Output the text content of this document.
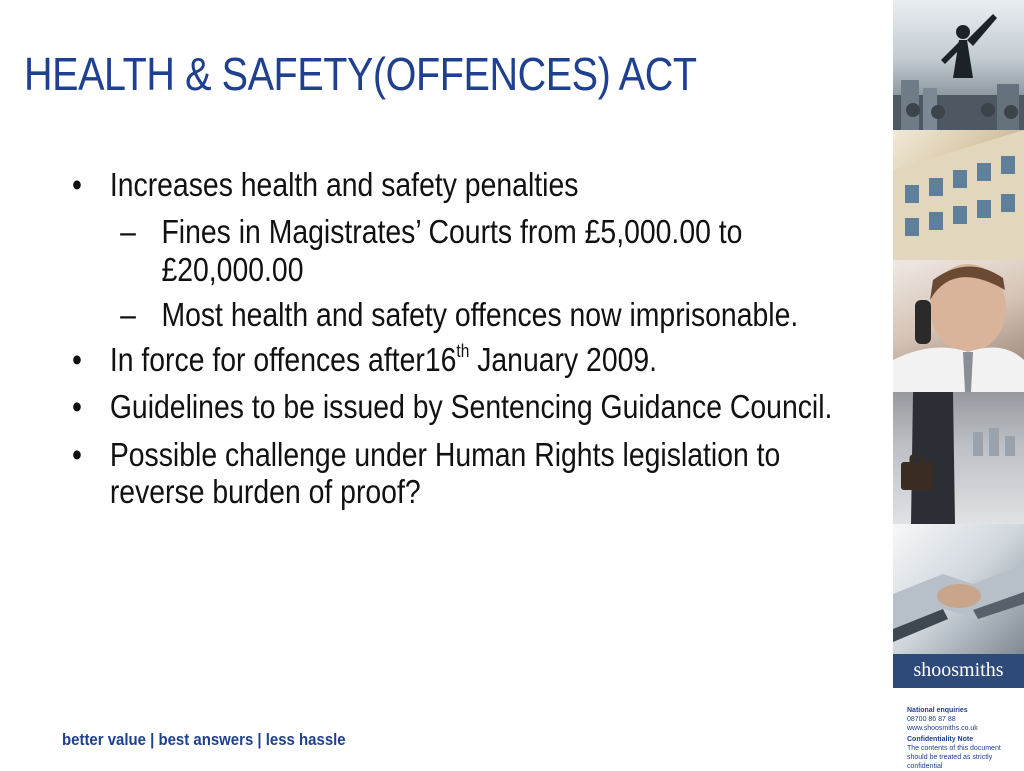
HEALTH & SAFETY(OFFENCES) ACT
• Increases health and safety penalties
– Fines in Magistrates’ Courts from £5,000.00 to £20,000.00
– Most health and safety offences now imprisonable.
• In force for offences after16th January 2009.
• Guidelines to be issued by Sentencing Guidance Council.
• Possible challenge under Human Rights legislation to reverse burden of proof?
better value | best answers | less hassle
shoosmiths
National enquiries
08700 86 87 88
www.shoosmiths.co.uk
Confidentiality Note
The contents of this document should be treated as strictly confidential
